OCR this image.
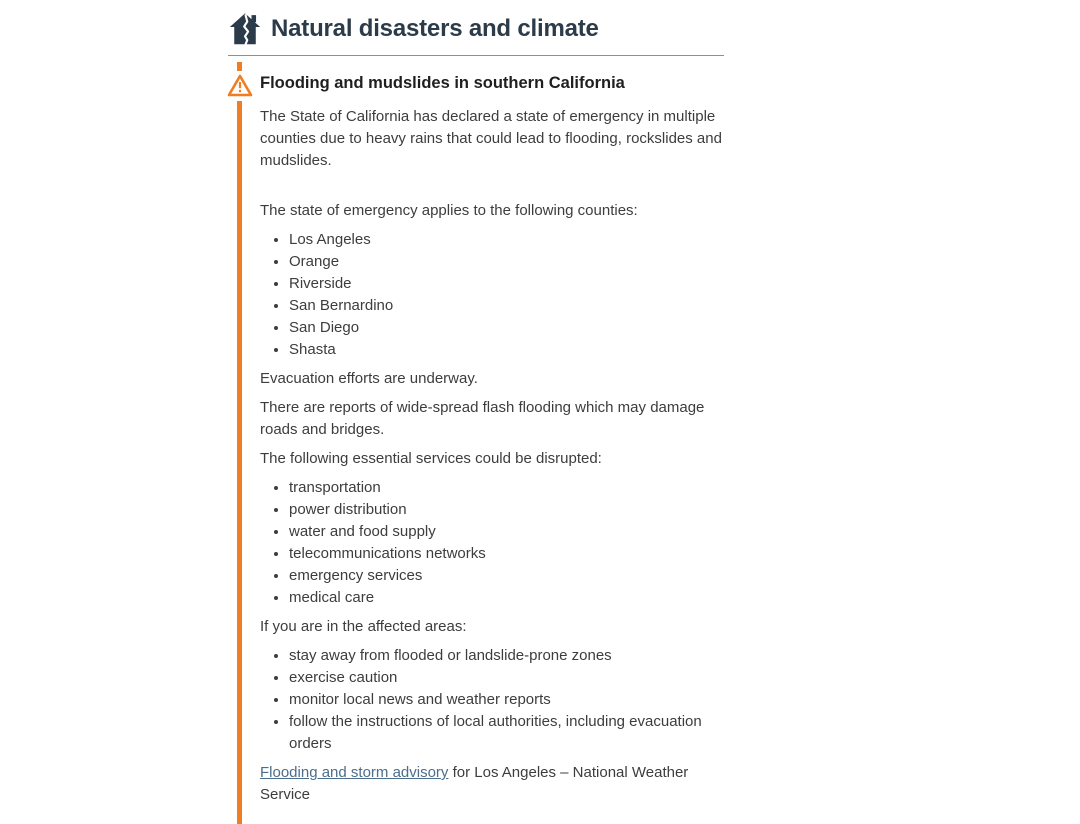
Natural disasters and climate
Flooding and mudslides in southern California

The State of California has declared a state of emergency in multiple counties due to heavy rains that could lead to flooding, rockslides and mudslides.

The state of emergency applies to the following counties:

• Los Angeles
• Orange
• Riverside
• San Bernardino
• San Diego
• Shasta

Evacuation efforts are underway.

There are reports of wide-spread flash flooding which may damage roads and bridges.

The following essential services could be disrupted:

• transportation
• power distribution
• water and food supply
• telecommunications networks
• emergency services
• medical care

If you are in the affected areas:

• stay away from flooded or landslide-prone zones
• exercise caution
• monitor local news and weather reports
• follow the instructions of local authorities, including evacuation orders

Flooding and storm advisory for Los Angeles – National Weather Service
